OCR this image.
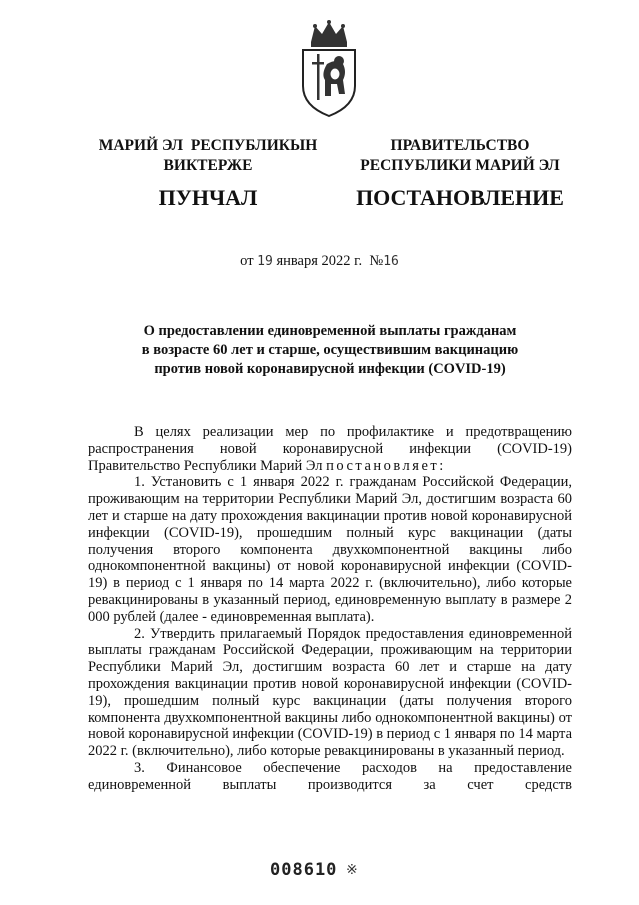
МАРИЙ ЭЛ  РЕСПУБЛИКЫН
ВИКТЕРЖЕ
ПУНЧАЛ
ПРАВИТЕЛЬСТВО
РЕСПУБЛИКИ МАРИЙ ЭЛ
ПОСТАНОВЛЕНИЕ
от 19 января 2022 г. №16
О предоставлении единовременной выплаты гражданам
в возрасте 60 лет и старше, осуществившим вакцинацию
против новой коронавирусной инфекции (COVID-19)

В целях реализации мер по профилактике и предотвращению распространения новой коронавирусной инфекции (COVID-19) Правительство Республики Марий Эл постановляет:

1. Установить с 1 января 2022 г. гражданам Российской Федерации, проживающим на территории Республики Марий Эл, достигшим возраста 60 лет и старше на дату прохождения вакцинации против новой коронавирусной инфекции (COVID-19), прошедшим полный курс вакцинации (даты получения второго компонента двухкомпонентной вакцины либо однокомпонентной вакцины) от новой коронавирусной инфекции (COVID-19) в период с 1 января по 14 марта 2022 г. (включительно), либо которые ревакцинированы в указанный период, единовременную выплату в размере 2 000 рублей (далее - единовременная выплата).

2. Утвердить прилагаемый Порядок предоставления единовременной выплаты гражданам Российской Федерации, проживающим на территории Республики Марий Эл, достигшим возраста 60 лет и старше на дату прохождения вакцинации против новой коронавирусной инфекции (COVID-19), прошедшим полный курс вакцинации (даты получения второго компонента двухкомпонентной вакцины либо однокомпонентной вакцины) от новой коронавирусной инфекции (COVID-19) в период с 1 января по 14 марта 2022 г. (включительно), либо которые ревакцинированы в указанный период.

3. Финансовое обеспечение расходов на предоставление единовременной выплаты производится за счет средств

008610 ※
